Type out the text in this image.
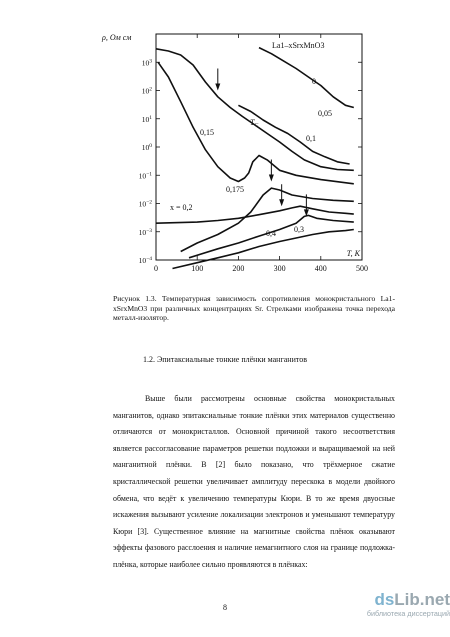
0	100	200	300	400	500
$10^3$
$10^2$
$10^1$
$10^0$
$10^{-1}$
$10^{-2}$
$10^{-3}$
$10^{-4}$
T, K
ρ, Ом см
La1–xSrxMnO3
TC
0
0,05
0,1
0,15
0,175
x = 0,2
0,3
0,4
Рисунок 1.3. Температурная зависимость сопротивления монокристального La1-xSrxMnO3 при различных концентрациях Sr. Стрелками изображена точка перехода металл-изолятор.
1.2. Эпитаксиальные тонкие плёнки манганитов

Выше были рассмотрены основные свойства монокристальных манганитов, однако эпитаксиальные тонкие плёнки этих материалов существенно отличаются от монокристаллов. Основной причиной такого несоответствия является рассогласование параметров решетки подложки и выращиваемой на ней манганитной плёнки. В [2] было показано, что трёхмерное сжатие кристаллической решетки увеличивает амплитуду перескока в модели двойного обмена, что ведёт к увеличению температуры Кюри. В то же время двуосные искажения вызывают усиление локализации электронов и уменьшают температуру Кюри [3]. Существенное влияние на магнитные свойства плёнок оказывают эффекты фазового расслоения и наличие немагнитного слоя на границе подложка-плёнка, которые наиболее сильно проявляются в плёнках:

8	dsLib.net
библиотека диссертаций
